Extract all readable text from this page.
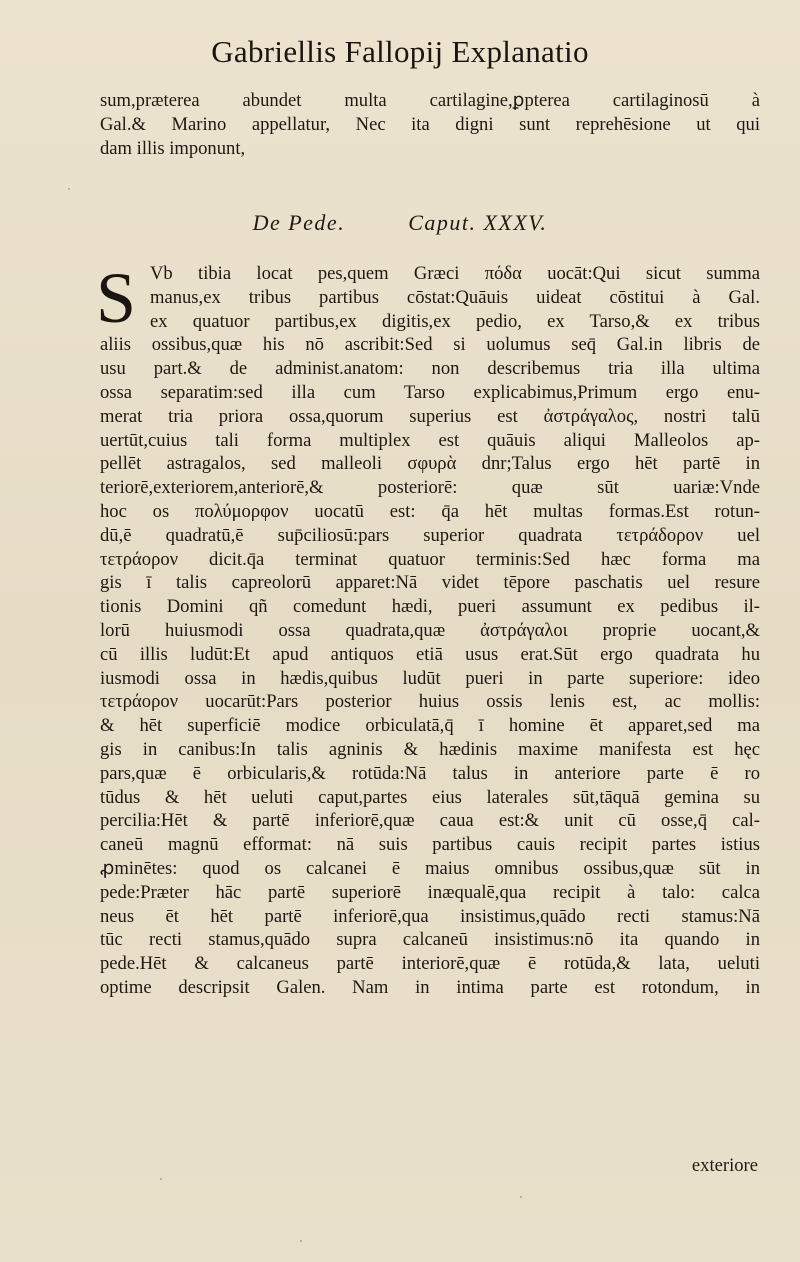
Gabriellis Fallopij Explanatio
sum,præterea abundet multa cartilagine,ꝑpterea cartilaginosū à
Gal.& Marino appellatur, Nec ita digni sunt reprehēsione ut qui
dam illis imponunt,
De Pede.	Caput. XXXV.
S Vb tibia locat pes,quem Græci πόδα uocāt:Qui sicut summa
manus,ex tribus partibus cōstat:Quāuis uideat cōstitui à Gal.
ex quatuor partibus,ex digitis,ex pedio, ex Tarso,& ex tribus
aliis ossibus,quæ his nō ascribit:Sed si uolumus seq̄ Gal.in libris de
usu part.& de administ.anatom: non describemus tria illa ultima
ossa separatim:sed illa cum Tarso explicabimus,Primum ergo enu-
merat tria priora ossa,quorum superius est ἀστράγαλος, nostri talū
uertūt,cuius tali forma multiplex est quāuis aliqui Malleolos ap-
pellēt astragalos, sed malleoli σφυρὰ dnr;Talus ergo hēt partē in
teriorē,exteriorem,anteriorē,& posteriorē: quæ sūt uariæ:Vnde
hoc os πολύμορφον uocatū est: q̄a hēt multas formas.Est rotun-
dū,ē quadratū,ē sup̄ciliosū:pars superior quadrata τετράδορον uel
τετράορον dicit.q̄a terminat quatuor terminis:Sed hæc forma ma
gis ī talis capreolorū apparet:Nā videt tēpore paschatis uel resure
tionis Domini qñ comedunt hædi, pueri assumunt ex pedibus il-
lorū huiusmodi ossa quadrata,quæ ἀστράγαλοι proprie uocant,&
cū illis ludūt:Et apud antiquos etiā usus erat.Sūt ergo quadrata hu
iusmodi ossa in hædis,quibus ludūt pueri in parte superiore: ideo
τετράορον uocarūt:Pars posterior huius ossis lenis est, ac mollis:
& hēt superficiē modice orbiculatā,q̄ ī homine ēt apparet,sed ma
gis in canibus:In talis agninis & hædinis maxime manifesta est hęc
pars,quæ ē orbicularis,& rotūda:Nā talus in anteriore parte ē ro
tūdus & hēt ueluti caput,partes eius laterales sūt,tāquā gemina su
percilia:Hēt & partē inferiorē,quæ caua est:& unit cū osse,q̄ cal-
caneū magnū efformat: nā suis partibus cauis recipit partes istius
ꝓminētes: quod os calcanei ē maius omnibus ossibus,quæ sūt in
pede:Præter hāc partē superiorē inæqualē,qua recipit à talo: calca
neus ēt hēt partē inferiorē,qua insistimus,quādo recti stamus:Nā
tūc recti stamus,quādo supra calcaneū insistimus:nō ita quando in
pede.Hēt & calcaneus partē interiorē,quæ ē rotūda,& lata, ueluti
optime descripsit Galen. Nam in intima parte est rotondum, in
exteriore
